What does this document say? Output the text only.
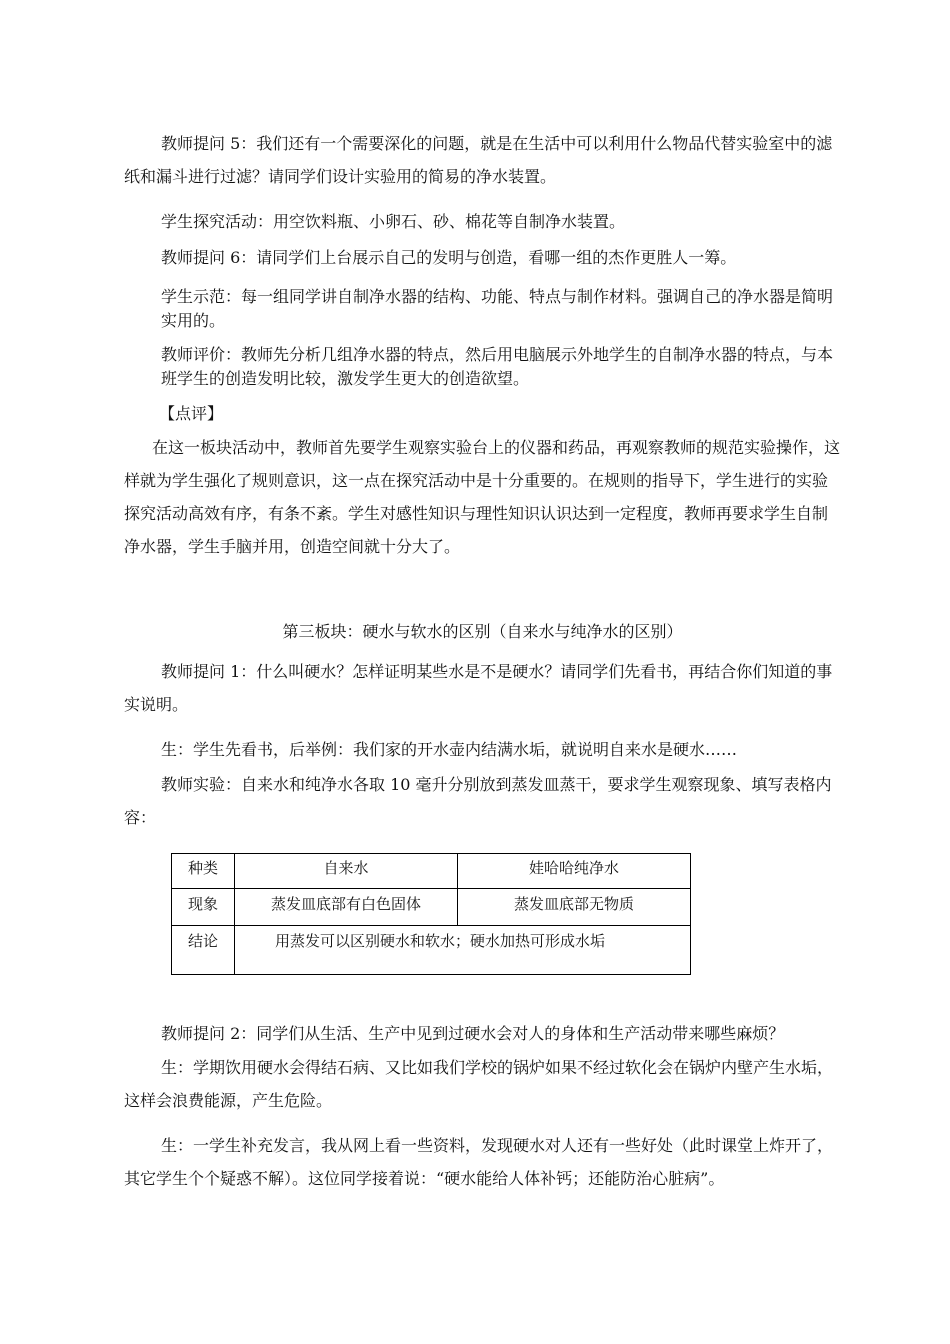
教师提问 5：我们还有一个需要深化的问题，就是在生活中可以利用什么物品代替实验室中的滤纸和漏斗进行过滤？请同学们设计实验用的简易的净水装置。

学生探究活动：用空饮料瓶、小卵石、砂、棉花等自制净水装置。

教师提问 6：请同学们上台展示自己的发明与创造，看哪一组的杰作更胜人一筹。

学生示范：每一组同学讲自制净水器的结构、功能、特点与制作材料。强调自己的净水器是简明实用的。

教师评价：教师先分析几组净水器的特点，然后用电脑展示外地学生的自制净水器的特点，与本班学生的创造发明比较，激发学生更大的创造欲望。

【点评】

在这一板块活动中，教师首先要学生观察实验台上的仪器和药品，再观察教师的规范实验操作，这样就为学生强化了规则意识，这一点在探究活动中是十分重要的。在规则的指导下，学生进行的实验探究活动高效有序，有条不紊。学生对感性知识与理性知识认识达到一定程度，教师再要求学生自制净水器，学生手脑并用，创造空间就十分大了。

第三板块：硬水与软水的区别（自来水与纯净水的区别）

教师提问 1：什么叫硬水？怎样证明某些水是不是硬水？请同学们先看书，再结合你们知道的事实说明。

生：学生先看书，后举例：我们家的开水壶内结满水垢，就说明自来水是硬水……

教师实验：自来水和纯净水各取 10 毫升分别放到蒸发皿蒸干，要求学生观察现象、填写表格内容：

种类	自来水	娃哈哈纯净水
现象	蒸发皿底部有白色固体	蒸发皿底部无物质
结论	用蒸发可以区别硬水和软水；硬水加热可形成水垢	

教师提问 2：同学们从生活、生产中见到过硬水会对人的身体和生产活动带来哪些麻烦？

生：学期饮用硬水会得结石病、又比如我们学校的锅炉如果不经过软化会在锅炉内壁产生水垢，这样会浪费能源，产生危险。

生：一学生补充发言，我从网上看一些资料，发现硬水对人还有一些好处（此时课堂上炸开了，其它学生个个疑惑不解）。这位同学接着说：“硬水能给人体补钙；还能防治心脏病”。
